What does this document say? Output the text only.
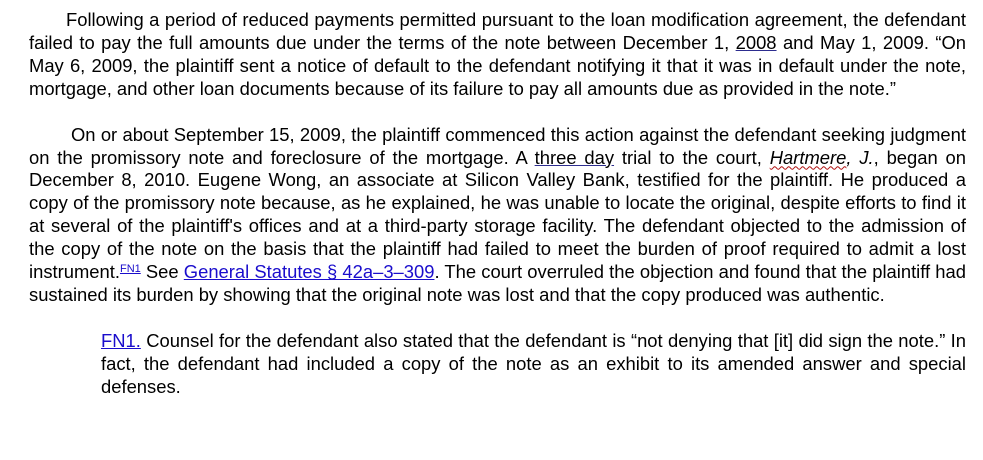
Following a period of reduced payments permitted pursuant to the loan modification agreement, the defendant failed to pay the full amounts due under the terms of the note between December 1, 2008 and May 1, 2009. “On May 6, 2009, the plaintiff sent a notice of default to the defendant notifying it that it was in default under the note, mortgage, and other loan documents because of its failure to pay all amounts due as provided in the note.”

On or about September 15, 2009, the plaintiff commenced this action against the defendant seeking judgment on the promissory note and foreclosure of the mortgage. A three day trial to the court, Hartmere, J., began on December 8, 2010. Eugene Wong, an associate at Silicon Valley Bank, testified for the plaintiff. He produced a copy of the promissory note because, as he explained, he was unable to locate the original, despite efforts to find it at several of the plaintiff's offices and at a third-party storage facility. The defendant objected to the admission of the copy of the note on the basis that the plaintiff had failed to meet the burden of proof required to admit a lost instrument.$^{FN1}$ See General Statutes § 42a–3–309. The court overruled the objection and found that the plaintiff had sustained its burden by showing that the original note was lost and that the copy produced was authentic.

FN1. Counsel for the defendant also stated that the defendant is “not denying that [it] did sign the note.” In fact, the defendant had included a copy of the note as an exhibit to its amended answer and special defenses.
